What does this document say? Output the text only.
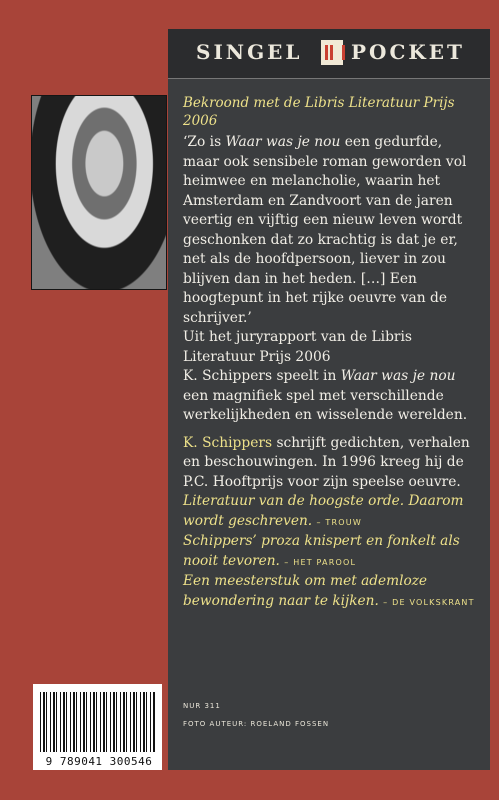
SINGEL POCKET
Bekroond met de Libris Literatuur Prijs 2006

‘Zo is Waar was je nou een gedurfde, maar ook sensibele roman geworden vol heimwee en melancholie, waarin het Amsterdam en Zandvoort van de jaren veertig en vijftig een nieuw leven wordt geschonken dat zo krachtig is dat je er, net als de hoofdpersoon, liever in zou blijven dan in het heden. […] Een hoogtepunt in het rijke oeuvre van de schrijver.’

Uit het juryrapport van de Libris Literatuur Prijs 2006

K. Schippers speelt in Waar was je nou een magnifiek spel met verschillende werkelijkheden en wisselende werelden.

K. Schippers schrijft gedichten, verhalen en beschouwingen. In 1996 kreeg hij de P.C. Hooftprijs voor zijn speelse oeuvre.

Literatuur van de hoogste orde. Daarom wordt geschreven. – TROUW
Schippers’ proza knispert en fonkelt als nooit tevoren. – HET PAROOL
Een meesterstuk om met ademloze bewondering naar te kijken. – DE VOLKSKRANT
NUR 311
FOTO AUTEUR: ROELAND FOSSEN
9 789041 300546
